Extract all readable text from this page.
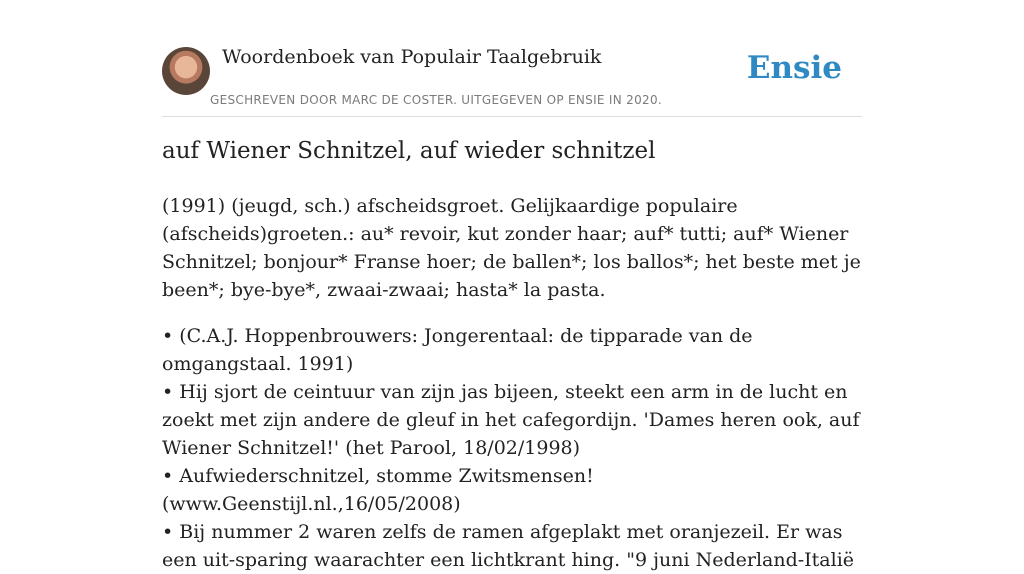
Woordenboek van Populair Taalgebruik
GESCHREVEN DOOR MARC DE COSTER. UITGEGEVEN OP ENSIE IN 2020.
Ensie
auf Wiener Schnitzel, auf wieder schnitzel

(1991) (jeugd, sch.) afscheidsgroet. Gelijkaardige populaire (afscheids)groeten.: au* revoir, kut zonder haar; auf* tutti; auf* Wiener Schnitzel; bonjour* Franse hoer; de ballen*; los ballos*; het beste met je been*; bye-bye*, zwaai-zwaai; hasta* la pasta.

• (C.A.J. Hoppenbrouwers: Jongerentaal: de tipparade van de omgangstaal. 1991)
• Hij sjort de ceintuur van zijn jas bijeen, steekt een arm in de lucht en zoekt met zijn andere de gleuf in het cafegordijn. 'Dames heren ook, auf Wiener Schnitzel!' (het Parool, 18/02/1998)
• Aufwiederschnitzel, stomme Zwitsmensen! (www.Geenstijl.nl.,16/05/2008)
• Bij nummer 2 waren zelfs de ramen afgeplakt met oranjezeil. Er was een uit-sparing waarachter een lichtkrant hing. "9 juni Nederland-Italië
